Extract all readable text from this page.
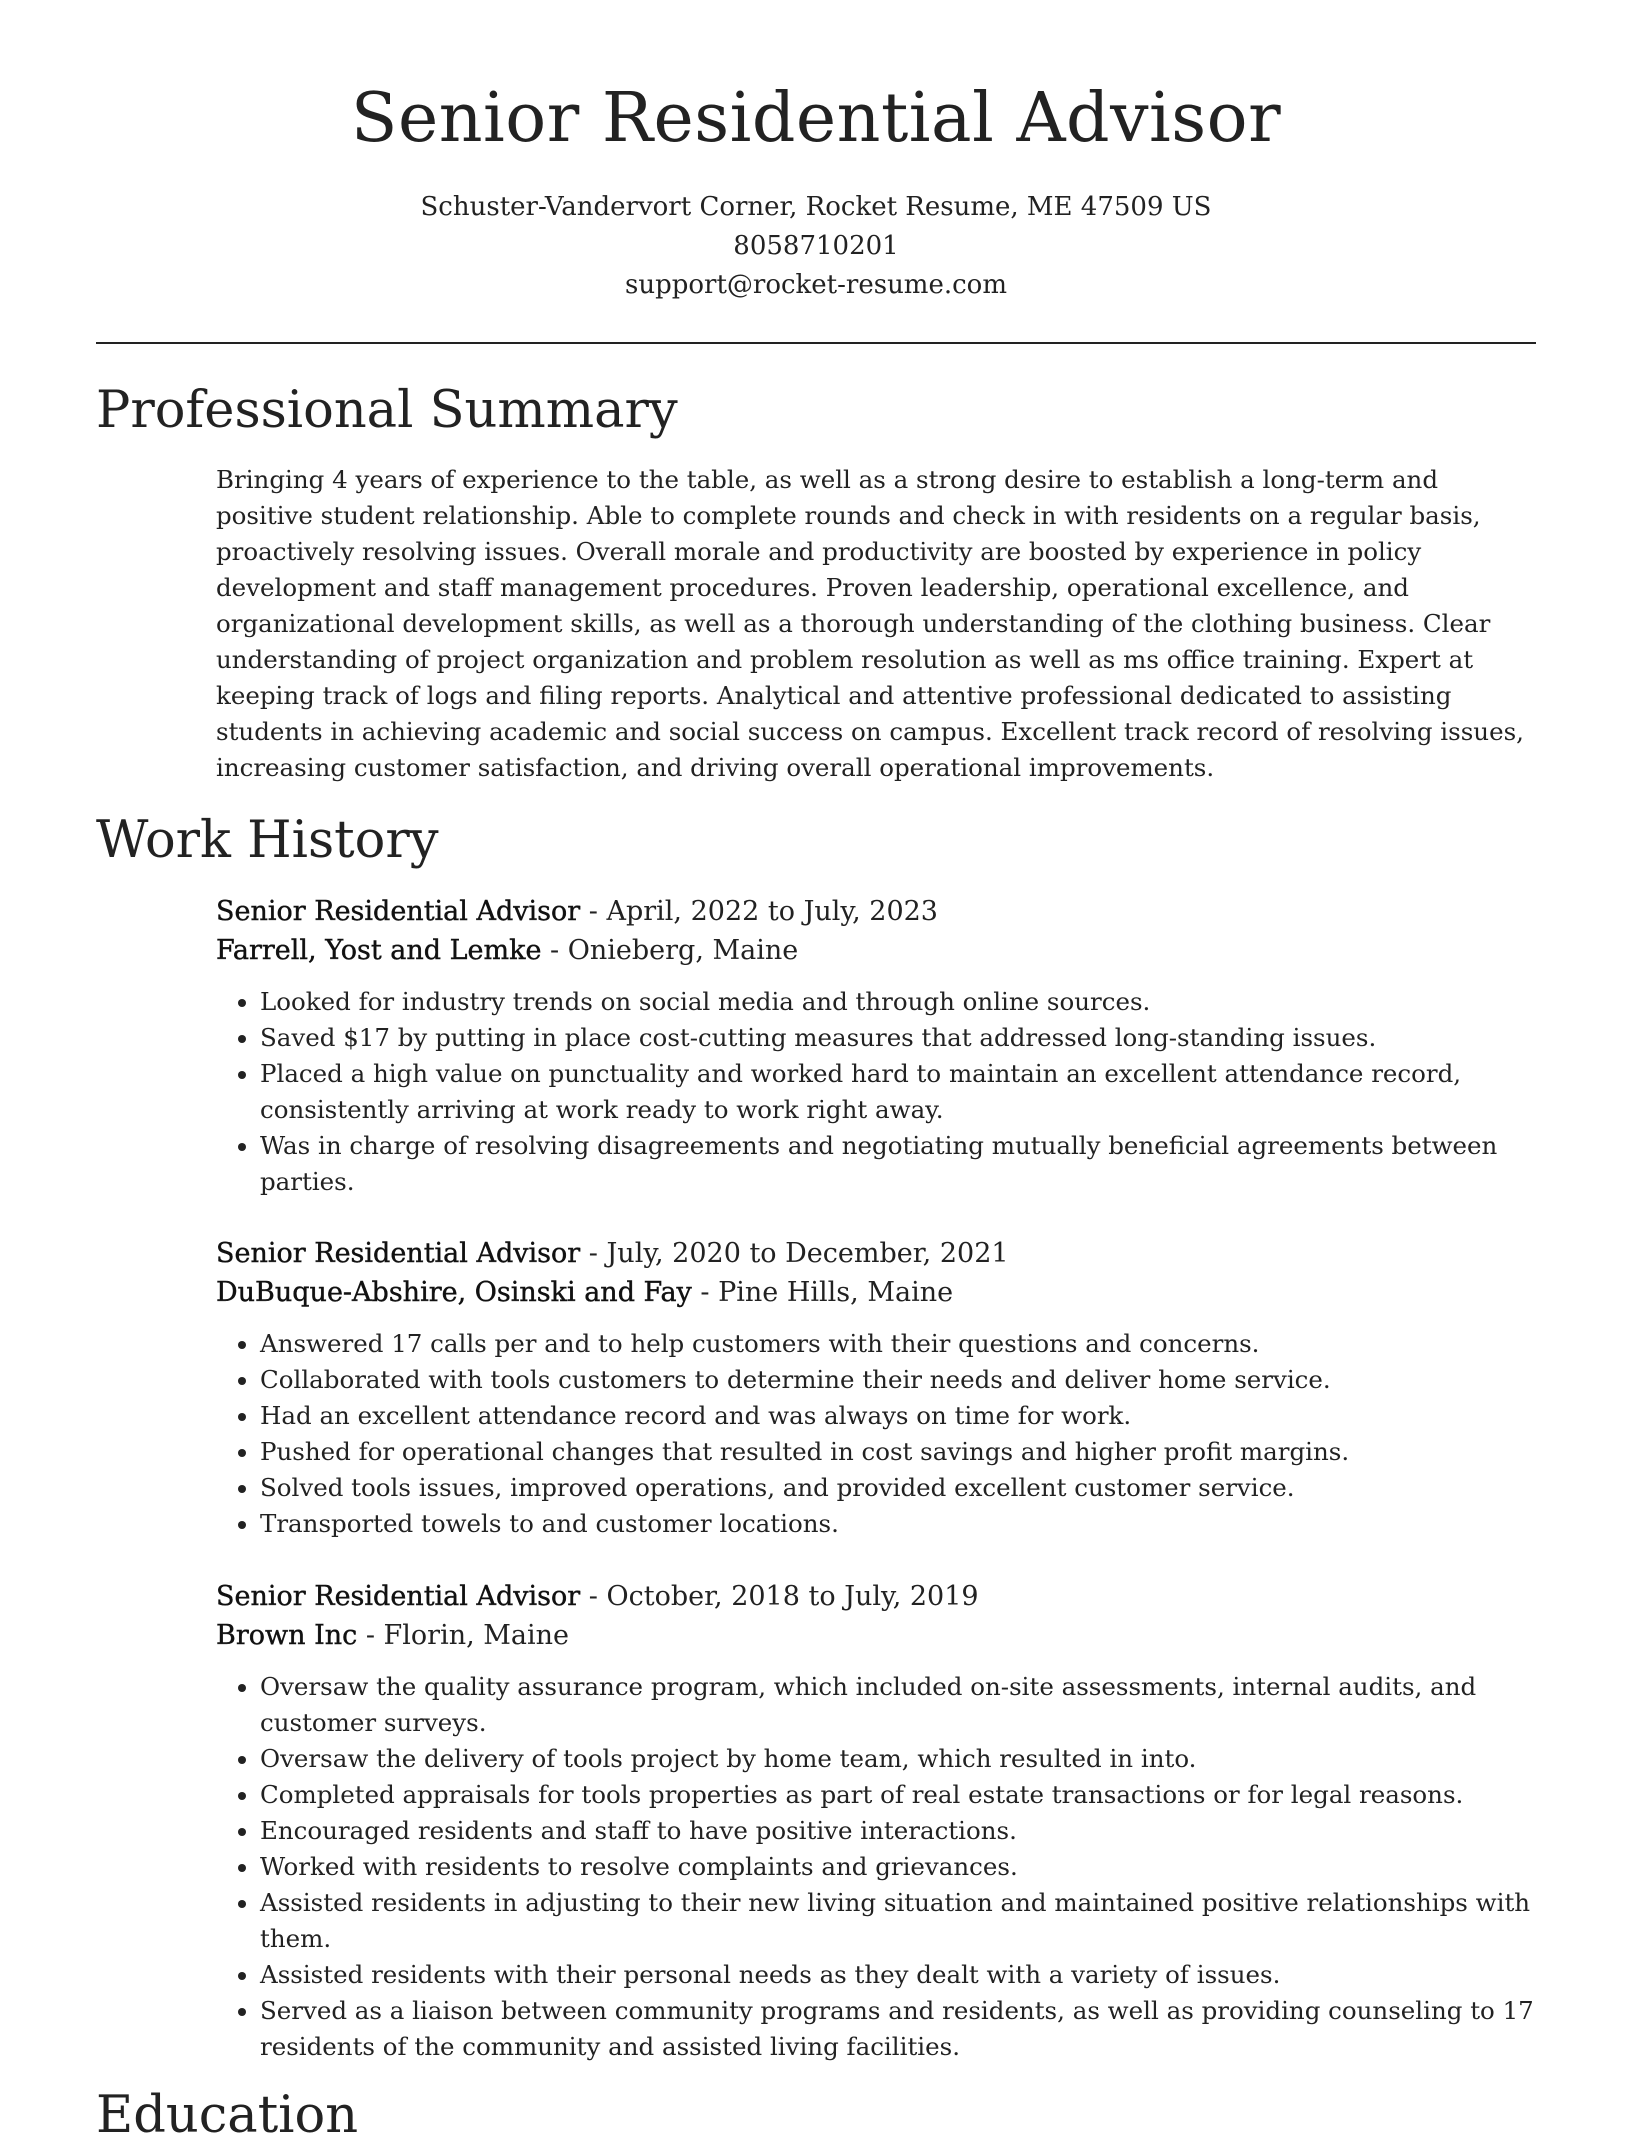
Senior Residential Advisor

Schuster-Vandervort Corner, Rocket Resume, ME 47509 US

8058710201

support@rocket-resume.com

Professional Summary

Bringing 4 years of experience to the table, as well as a strong desire to establish a long-term and positive student relationship. Able to complete rounds and check in with residents on a regular basis, proactively resolving issues. Overall morale and productivity are boosted by experience in policy development and staff management procedures. Proven leadership, operational excellence, and organizational development skills, as well as a thorough understanding of the clothing business. Clear understanding of project organization and problem resolution as well as ms office training. Expert at keeping track of logs and filing reports. Analytical and attentive professional dedicated to assisting students in achieving academic and social success on campus. Excellent track record of resolving issues, increasing customer satisfaction, and driving overall operational improvements.

Work History

Senior Residential Advisor - April, 2022 to July, 2023

Farrell, Yost and Lemke - Onieberg, Maine

• Looked for industry trends on social media and through online sources.
• Saved $17 by putting in place cost-cutting measures that addressed long-standing issues.
• Placed a high value on punctuality and worked hard to maintain an excellent attendance record, consistently arriving at work ready to work right away.
• Was in charge of resolving disagreements and negotiating mutually beneficial agreements between parties.

Senior Residential Advisor - July, 2020 to December, 2021

DuBuque-Abshire, Osinski and Fay - Pine Hills, Maine

• Answered 17 calls per and to help customers with their questions and concerns.
• Collaborated with tools customers to determine their needs and deliver home service.
• Had an excellent attendance record and was always on time for work.
• Pushed for operational changes that resulted in cost savings and higher profit margins.
• Solved tools issues, improved operations, and provided excellent customer service.
• Transported towels to and customer locations.

Senior Residential Advisor - October, 2018 to July, 2019

Brown Inc - Florin, Maine

• Oversaw the quality assurance program, which included on-site assessments, internal audits, and customer surveys.
• Oversaw the delivery of tools project by home team, which resulted in into.
• Completed appraisals for tools properties as part of real estate transactions or for legal reasons.
• Encouraged residents and staff to have positive interactions.
• Worked with residents to resolve complaints and grievances.
• Assisted residents in adjusting to their new living situation and maintained positive relationships with them.
• Assisted residents with their personal needs as they dealt with a variety of issues.
• Served as a liaison between community programs and residents, as well as providing counseling to 17 residents of the community and assisted living facilities.
Education
